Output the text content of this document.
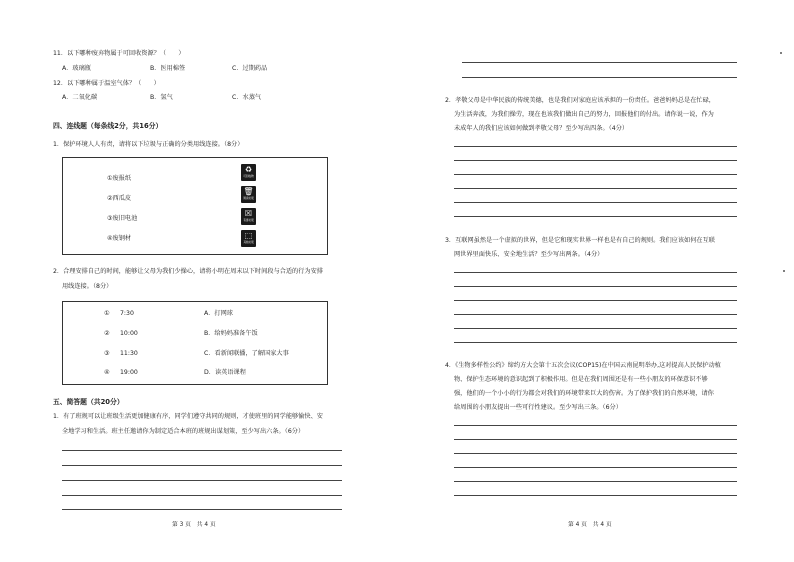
11．以下哪种废弃物属于可回收资源？（　　）
A．玻璃瓶	B．医用棉签	C．过期药品
12．以下哪种属于温室气体？（　　）
A．二氧化碳	B．氢气	C．水蒸气
四、连线题（每条线2分，共16分）
1．保护环境人人有责，请将以下垃圾与正确的分类用线连接。（8分）
①废报纸
②西瓜皮
③废旧电池
④废钢材
♻
可回收物
🗑
厨余垃圾
☒
有害垃圾
⬚
其他垃圾
2．合理安排自己的时间，能够让父母为我们少操心，请将小明在周末以下时间段与合适的行为安排
用线连接。（8分）
① 7:30	A．打网球
② 10:00	B．给妈妈准备午饭
③ 11:30	C．看新闻联播，了解国家大事
④ 19:00	D．读英语课程
五、简答题（共20分）
1．有了班规可以让班级生活更加健康有序，同学们遵守共同的规则，才使班里的同学能够愉快、安
全地学习和生活。班主任邀请你为制定适合本班的班规出谋划策，至少写出六条。（6分）
第 3 页　共 4 页
2．孝敬父母是中华民族的传统美德，也是我们对家庭应该承担的一份责任。爸爸妈妈总是在忙碌，
为生活奔波，为我们操劳，现在也该我们做出自己的努力，回报他们的付出。请你说一说，作为
未成年人的我们应该如何做到孝敬父母？至少写出四条。（4分）
3．互联网虽然是一个虚拟的世界，但是它和现实世界一样也是有自己的规则。我们应该如何在互联
网世界里面快乐、安全地生活？至少写出两条。（4分）
4．《生物多样性公约》缔约方大会第十五次会议(COP15)在中国云南昆明举办,这对提高人民保护动植
物、保护生态环境的意识起到了积极作用。但是在我们周围还是有一些小朋友的环保意识不够
强，他们的一个小小的行为都会对我们的环境带来巨大的伤害。为了保护我们的自然环境，请你
给周围的小朋友提出一些可行性建议。至少写出三条。（6分）
第 4 页　共 4 页
